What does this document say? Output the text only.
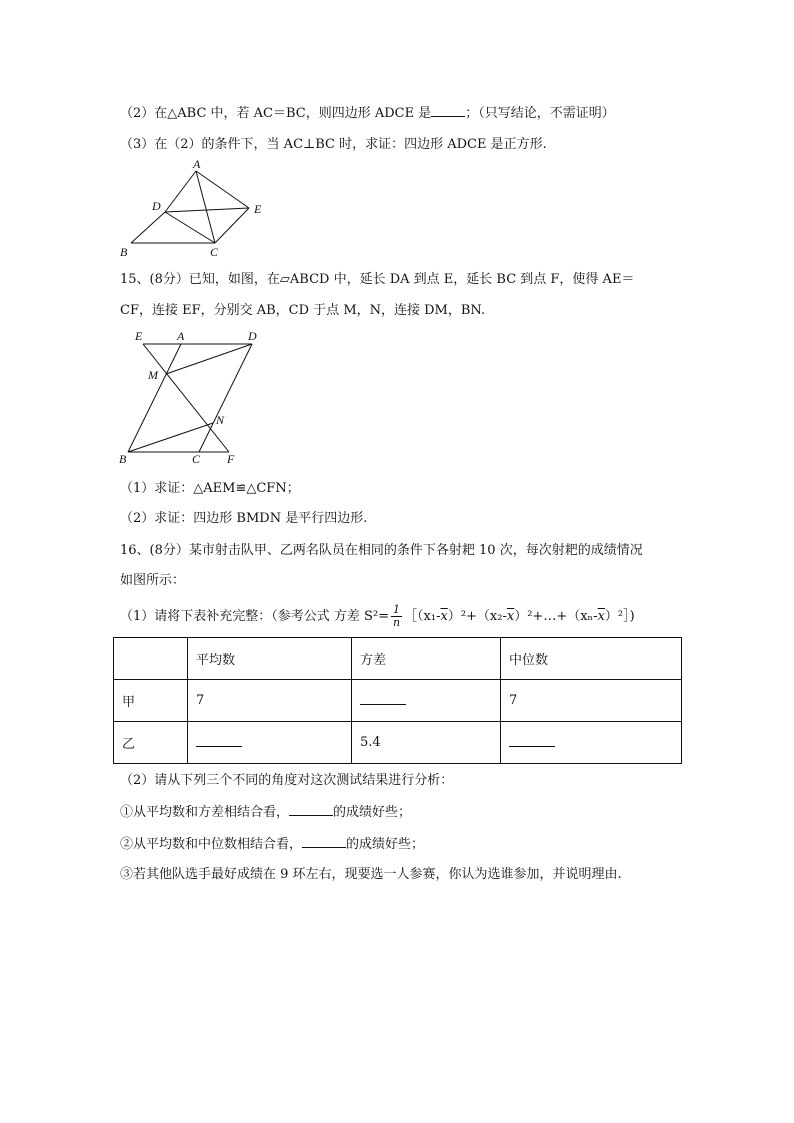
（2）在△ABC 中，若 AC＝BC，则四边形 ADCE 是	；（只写结论，不需证明）
（3）在（2）的条件下，当 AC⊥BC 时，求证：四边形 ADCE 是正方形.
A
D	E
B	C
15、(8分）已知，如图，在▱ABCD 中，延长 DA 到点 E，延长 BC 到点 F，使得 AE＝
CF，连接 EF，分别交 AB，CD 于点 M，N，连接 DM，BN.
E	A	D
M
N
B	C F
（1）求证：△AEM≌△CFN；
（2）求证：四边形 BMDN 是平行四边形.
16、(8分）某市射击队甲、乙两名队员在相同的条件下各射耙 10 次，每次射耙的成绩情况
如图所示：
（1）请将下表补充完整：（参考公式 方差 $S^2= \frac{1}{n}$ $[(x_1-\overline{x})^2+(x_2-\overline{x})^2+\dots+(x_n-\overline{x})^2]$)
	平均数	方差	中位数
甲	7		7
乙		5.4	
（2）请从下列三个不同的角度对这次测试结果进行分析：
①从平均数和方差相结合看，	的成绩好些；
②从平均数和中位数相结合看，	的成绩好些；
③若其他队选手最好成绩在 9 环左右，现要选一人参赛，你认为选谁参加，并说明理由.
